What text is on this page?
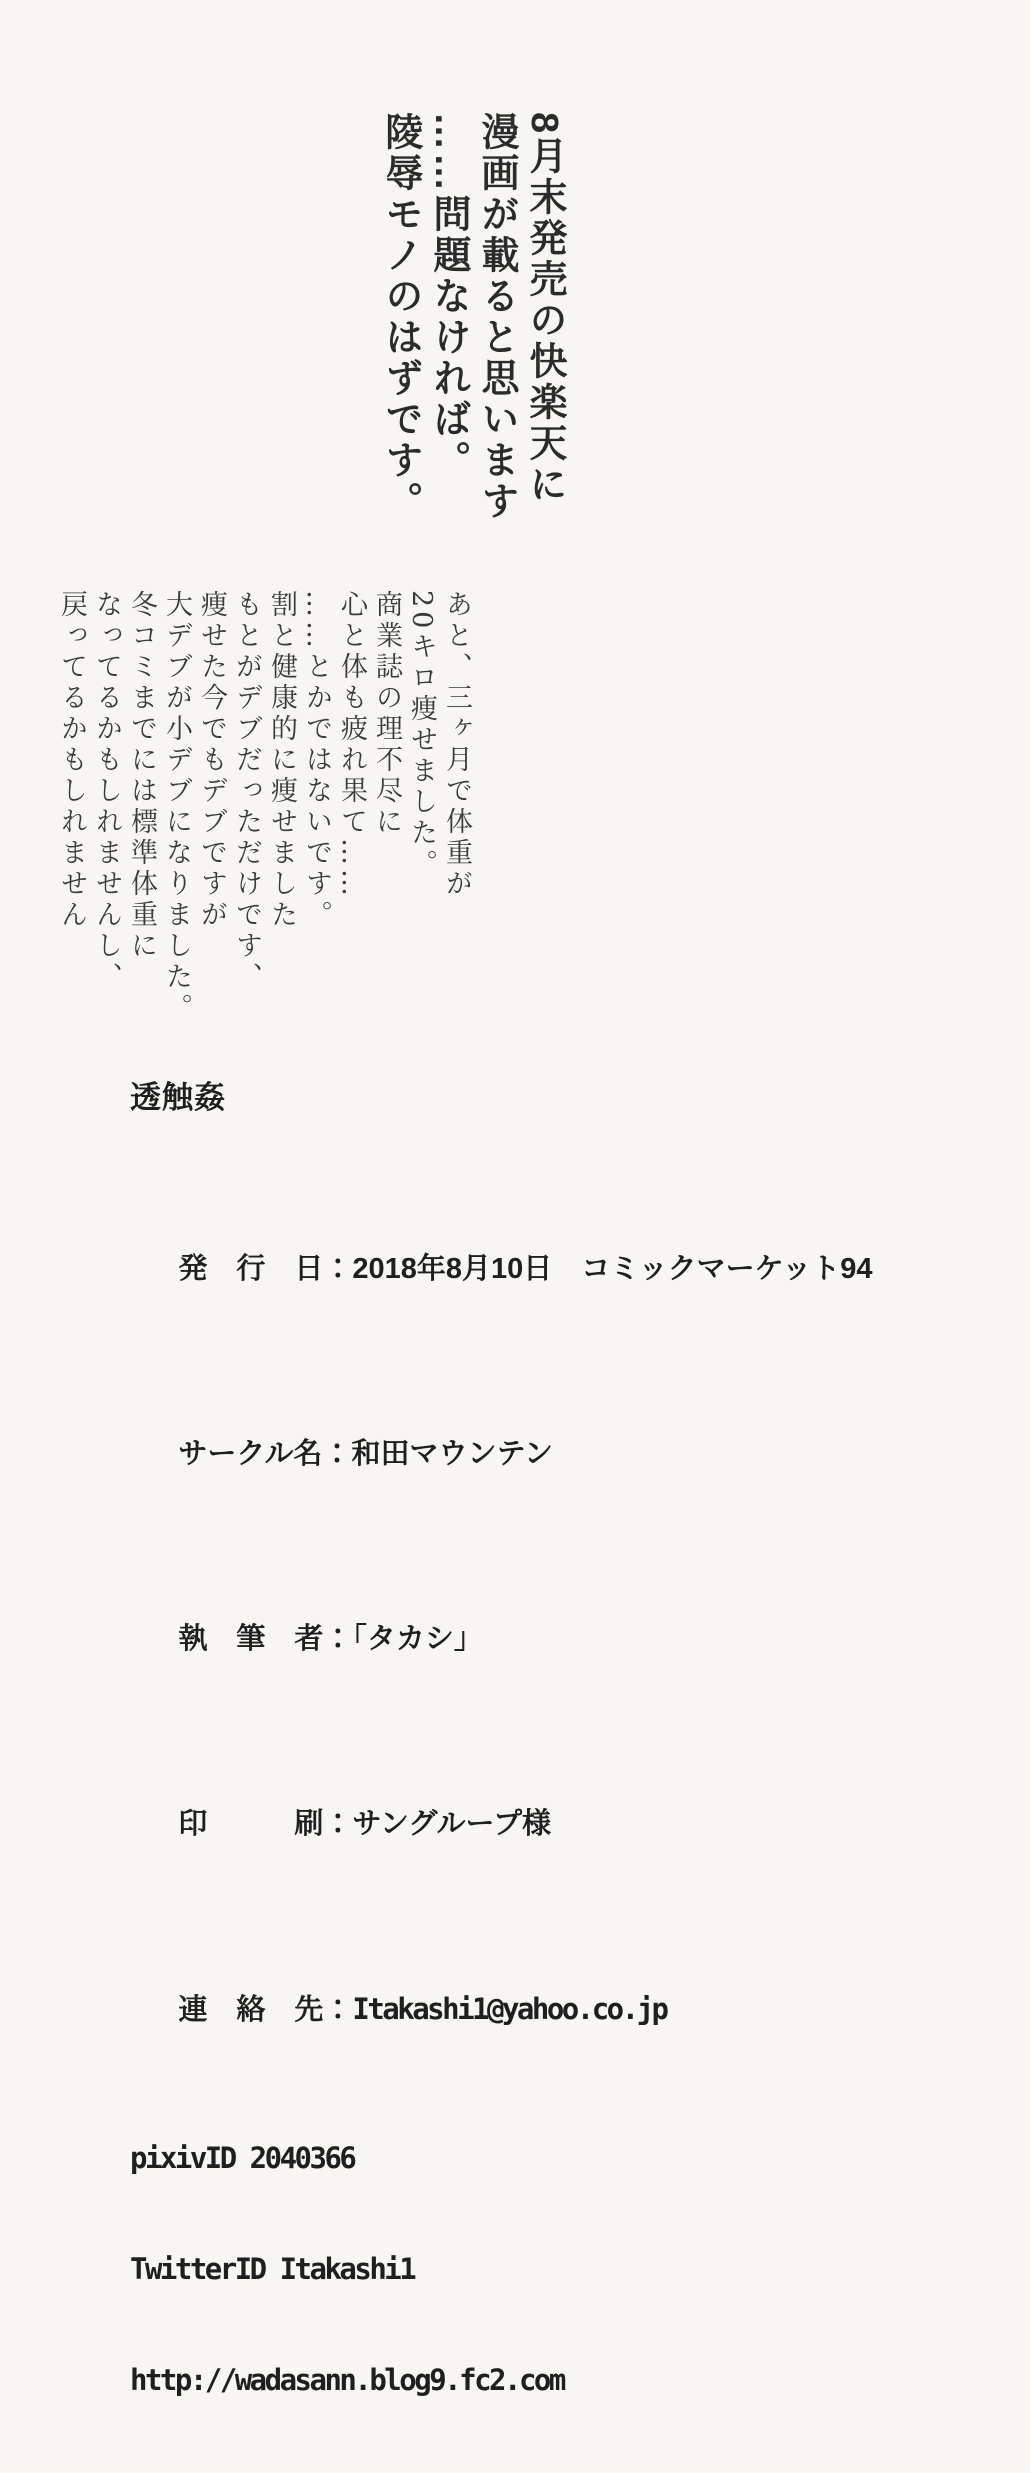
8月末発売の快楽天に
漫画が載ると思います
……問題なければ。
陵辱モノのはずです。
あと、三ヶ月で体重が
20キロ痩せました。
商業誌の理不尽に
心と体も疲れ果て……
……とかではないです。
割と健康的に痩せました
もとがデブだっただけです、
痩せた今でもデブですが
大デブが小デブになりました。
冬コミまでには標準体重に
なってるかもしれませんし、
戻ってるかもしれません
透触姦

発　行　日：2018年8月10日　コミックマーケット94

サークル名：和田マウンテン

執　筆　者：「タカシ」

印　　　刷：サングループ様

連　絡　先：Itakashi1@yahoo.co.jp

pixivID 2040366

TwitterID Itakashi1

http://wadasann.blog9.fc2.com
